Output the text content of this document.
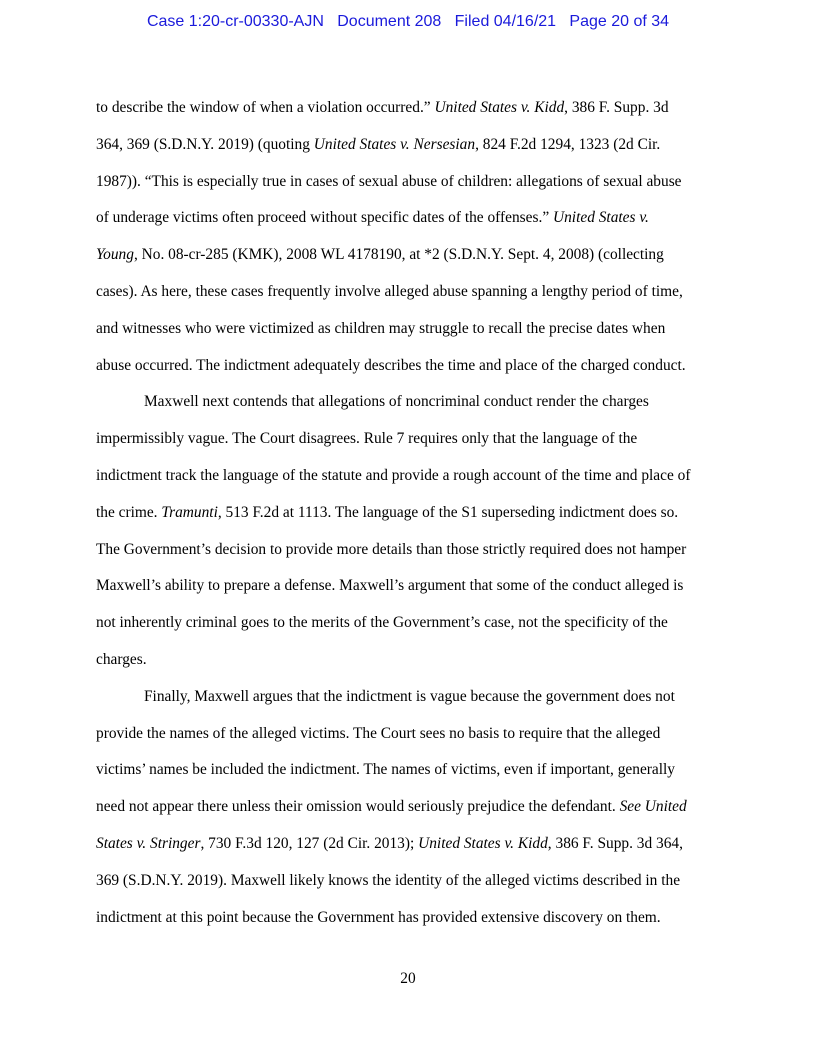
Case 1:20-cr-00330-AJN Document 208 Filed 04/16/21 Page 20 of 34
to describe the window of when a violation occurred.” United States v. Kidd, 386 F. Supp. 3d
364, 369 (S.D.N.Y. 2019) (quoting United States v. Nersesian, 824 F.2d 1294, 1323 (2d Cir.
1987)). “This is especially true in cases of sexual abuse of children: allegations of sexual abuse
of underage victims often proceed without specific dates of the offenses.” United States v.
Young, No. 08-cr-285 (KMK), 2008 WL 4178190, at *2 (S.D.N.Y. Sept. 4, 2008) (collecting
cases). As here, these cases frequently involve alleged abuse spanning a lengthy period of time,
and witnesses who were victimized as children may struggle to recall the precise dates when
abuse occurred. The indictment adequately describes the time and place of the charged conduct.
Maxwell next contends that allegations of noncriminal conduct render the charges
impermissibly vague. The Court disagrees. Rule 7 requires only that the language of the
indictment track the language of the statute and provide a rough account of the time and place of
the crime. Tramunti, 513 F.2d at 1113. The language of the S1 superseding indictment does so.
The Government’s decision to provide more details than those strictly required does not hamper
Maxwell’s ability to prepare a defense. Maxwell’s argument that some of the conduct alleged is
not inherently criminal goes to the merits of the Government’s case, not the specificity of the
charges.
Finally, Maxwell argues that the indictment is vague because the government does not
provide the names of the alleged victims. The Court sees no basis to require that the alleged
victims’ names be included the indictment. The names of victims, even if important, generally
need not appear there unless their omission would seriously prejudice the defendant. See United
States v. Stringer, 730 F.3d 120, 127 (2d Cir. 2013); United States v. Kidd, 386 F. Supp. 3d 364,
369 (S.D.N.Y. 2019). Maxwell likely knows the identity of the alleged victims described in the
indictment at this point because the Government has provided extensive discovery on them.
20
